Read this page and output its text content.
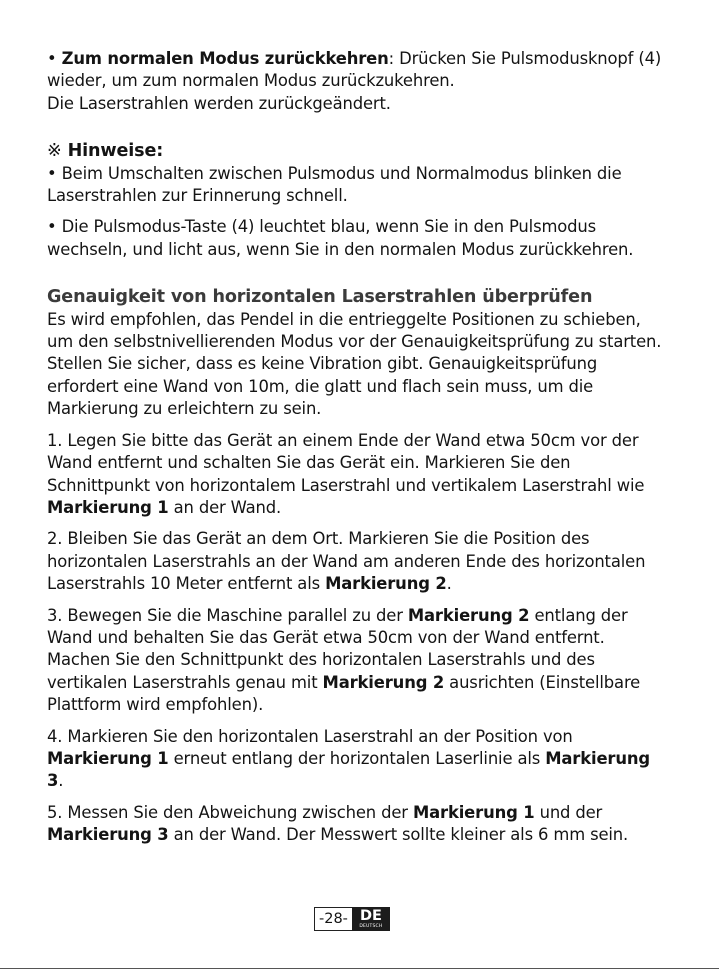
• Zum normalen Modus zurückkehren: Drücken Sie Pulsmodusknopf (4) wieder, um zum normalen Modus zurückzukehren.
Die Laserstrahlen werden zurückgeändert.

※ Hinweise:

• Beim Umschalten zwischen Pulsmodus und Normalmodus blinken die Laserstrahlen zur Erinnerung schnell.

• Die Pulsmodus-Taste (4) leuchtet blau, wenn Sie in den Pulsmodus wechseln, und licht aus, wenn Sie in den normalen Modus zurückkehren.

Genauigkeit von horizontalen Laserstrahlen überprüfen

Es wird empfohlen, das Pendel in die entrieggelte Positionen zu schieben, um den selbstnivellierenden Modus vor der Genauigkeitsprüfung zu starten. Stellen Sie sicher, dass es keine Vibration gibt. Genauigkeitsprüfung erfordert eine Wand von 10m, die glatt und flach sein muss, um die Markierung zu erleichtern zu sein.

1. Legen Sie bitte das Gerät an einem Ende der Wand etwa 50cm vor der Wand entfernt und schalten Sie das Gerät ein. Markieren Sie den Schnittpunkt von horizontalem Laserstrahl und vertikalem Laserstrahl wie Markierung 1 an der Wand.

2. Bleiben Sie das Gerät an dem Ort. Markieren Sie die Position des horizontalen Laserstrahls an der Wand am anderen Ende des horizontalen Laserstrahls 10 Meter entfernt als Markierung 2.

3. Bewegen Sie die Maschine parallel zu der Markierung 2 entlang der Wand und behalten Sie das Gerät etwa 50cm von der Wand entfernt. Machen Sie den Schnittpunkt des horizontalen Laserstrahls und des vertikalen Laserstrahls genau mit Markierung 2 ausrichten (Einstellbare Plattform wird empfohlen).

4. Markieren Sie den horizontalen Laserstrahl an der Position von Markierung 1 erneut entlang der horizontalen Laserlinie als Markierung 3.

5. Messen Sie den Abweichung zwischen der Markierung 1 und der Markierung 3 an der Wand. Der Messwert sollte kleiner als 6 mm sein.

-28- DE
DEUTSCH
